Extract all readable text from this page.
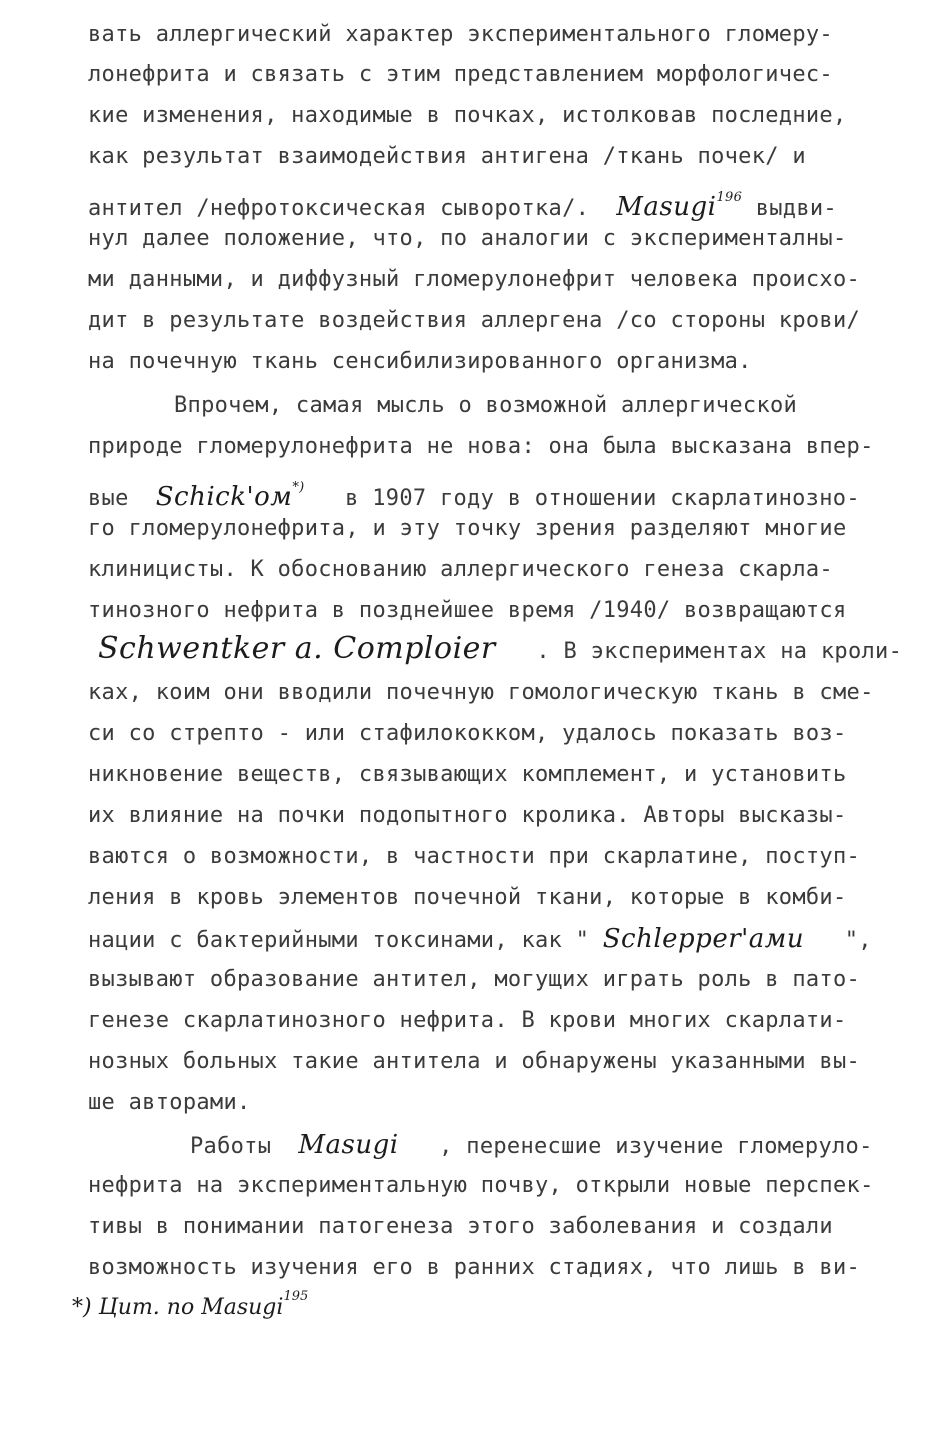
вать аллергический характер экспериментального гломеру-
лонефрита и связать с этим представлением морфологичес-
кие изменения, находимые в почках, истолковав последние,
как результат взаимодействия антигена /ткань почек/ и
антител /нефротоксическая сыворотка/.  Masugi$^{196}$ выдви-
нул далее положение, что, по аналогии с эксперименталны-
ми данными, и диффузный гломерулонефрит человека происхо-
дит в результате воздействия аллергена /со стороны крови/
на почечную ткань сенсибилизированного организма.
Впрочем, самая мысль о возможной аллергической
природе гломерулонефрита не нова: она была высказана впер-
вые  Schick'ом*)   в 1907 году в отношении скарлатинозно-
го гломерулонефрита, и эту точку зрения разделяют многие
клиницисты. К обоснованию аллергического генеза скарла-
тинозного нефрита в позднейшее время /1940/ возвращаются
Schwentker a. Comploier   . В экспериментах на кроли-
ках, коим они вводили почечную гомологическую ткань в сме-
си со стрепто - или стафилококком, удалось показать воз-
никновение веществ, связывающих комплемент, и установить
их влияние на почки подопытного кролика. Авторы высказы-
ваются о возможности, в частности при скарлатине, поступ-
ления в кровь элементов почечной ткани, которые в комби-
нации с бактерийными токсинами, как " Schlepper'ами   ",
вызывают образование антител, могущих играть роль в пато-
генезе скарлатинозного нефрита. В крови многих скарлати-
нозных больных такие антитела и обнаружены указанными вы-
ше авторами.
Работы  Masugi   , перенесшие изучение гломеруло-
нефрита на экспериментальную почву, открыли новые перспек-
тивы в понимании патогенеза этого заболевания и создали
возможность изучения его в ранних стадиях, что лишь в ви-
*) Цит. по Masugi$^{195}$
